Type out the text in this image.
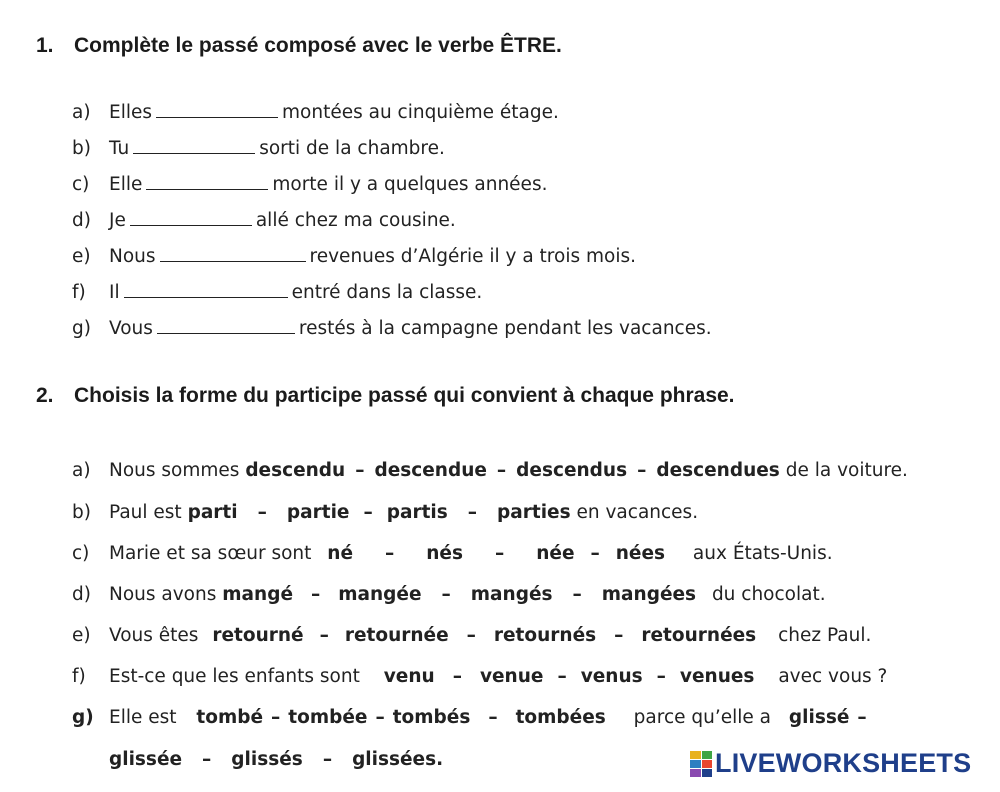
1. Complète le passé composé avec le verbe ÊTRE.
a) Elles	montées au cinquième étage.
b) Tu	sorti de la chambre.
c) Elle	morte il y a quelques années.
d) Je	allé chez ma cousine.
e) Nous	revenues d’Algérie il y a trois mois.
f) Il	entré dans la classe.
g) Vous	restés à la campagne pendant les vacances.
2. Choisis la forme du participe passé qui convient à chaque phrase.
a) Nous sommes descendu – descendue – descendus – descendues de la voiture.
b) Paul est parti – partie – partis – parties en vacances.
c) Marie et sa sœur sont né – nés – née – nées aux États-Unis.
d) Nous avons mangé – mangée – mangés – mangées du chocolat.
e) Vous êtes retourné – retournée – retournés – retournées chez Paul.
f) Est-ce que les enfants sont venu – venue – venus – venues avec vous ?
g) Elle est tombé – tombée – tombés – tombées parce qu’elle a glissé –
glissée – glissés – glissées.	LIVEWORKSHEETS
